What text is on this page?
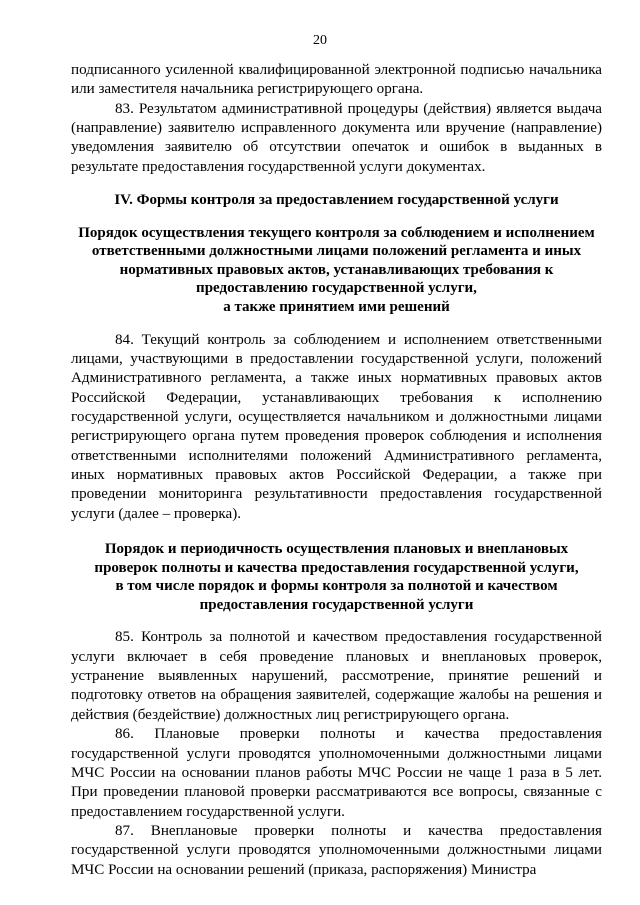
20

подписанного усиленной квалифицированной электронной подписью начальника или заместителя начальника регистрирующего органа.

83. Результатом административной процедуры (действия) является выдача (направление) заявителю исправленного документа или вручение (направление) уведомления заявителю об отсутствии опечаток и ошибок в выданных в результате предоставления государственной услуги документах.

IV. Формы контроля за предоставлением государственной услуги
Порядок осуществления текущего контроля за соблюдением и исполнением
ответственными должностными лицами положений регламента и иных
нормативных правовых актов, устанавливающих требования к
предоставлению государственной услуги,
а также принятием ими решений

84. Текущий контроль за соблюдением и исполнением ответственными лицами, участвующими в предоставлении государственной услуги, положений Административного регламента, а также иных нормативных правовых актов Российской Федерации, устанавливающих требования к исполнению государственной услуги, осуществляется начальником и должностными лицами регистрирующего органа путем проведения проверок соблюдения и исполнения ответственными исполнителями положений Административного регламента, иных нормативных правовых актов Российской Федерации, а также при проведении мониторинга результативности предоставления государственной услуги (далее – проверка).

Порядок и периодичность осуществления плановых и внеплановых
проверок полноты и качества предоставления государственной услуги,
в том числе порядок и формы контроля за полнотой и качеством
предоставления государственной услуги

85. Контроль за полнотой и качеством предоставления государственной услуги включает в себя проведение плановых и внеплановых проверок, устранение выявленных нарушений, рассмотрение, принятие решений и подготовку ответов на обращения заявителей, содержащие жалобы на решения и действия (бездействие) должностных лиц регистрирующего органа.

86. Плановые проверки полноты и качества предоставления государственной услуги проводятся уполномоченными должностными лицами МЧС России на основании планов работы МЧС России не чаще 1 раза в 5 лет. При проведении плановой проверки рассматриваются все вопросы, связанные с предоставлением государственной услуги.

87. Внеплановые проверки полноты и качества предоставления государственной услуги проводятся уполномоченными должностными лицами МЧС России на основании решений (приказа, распоряжения) Министра
